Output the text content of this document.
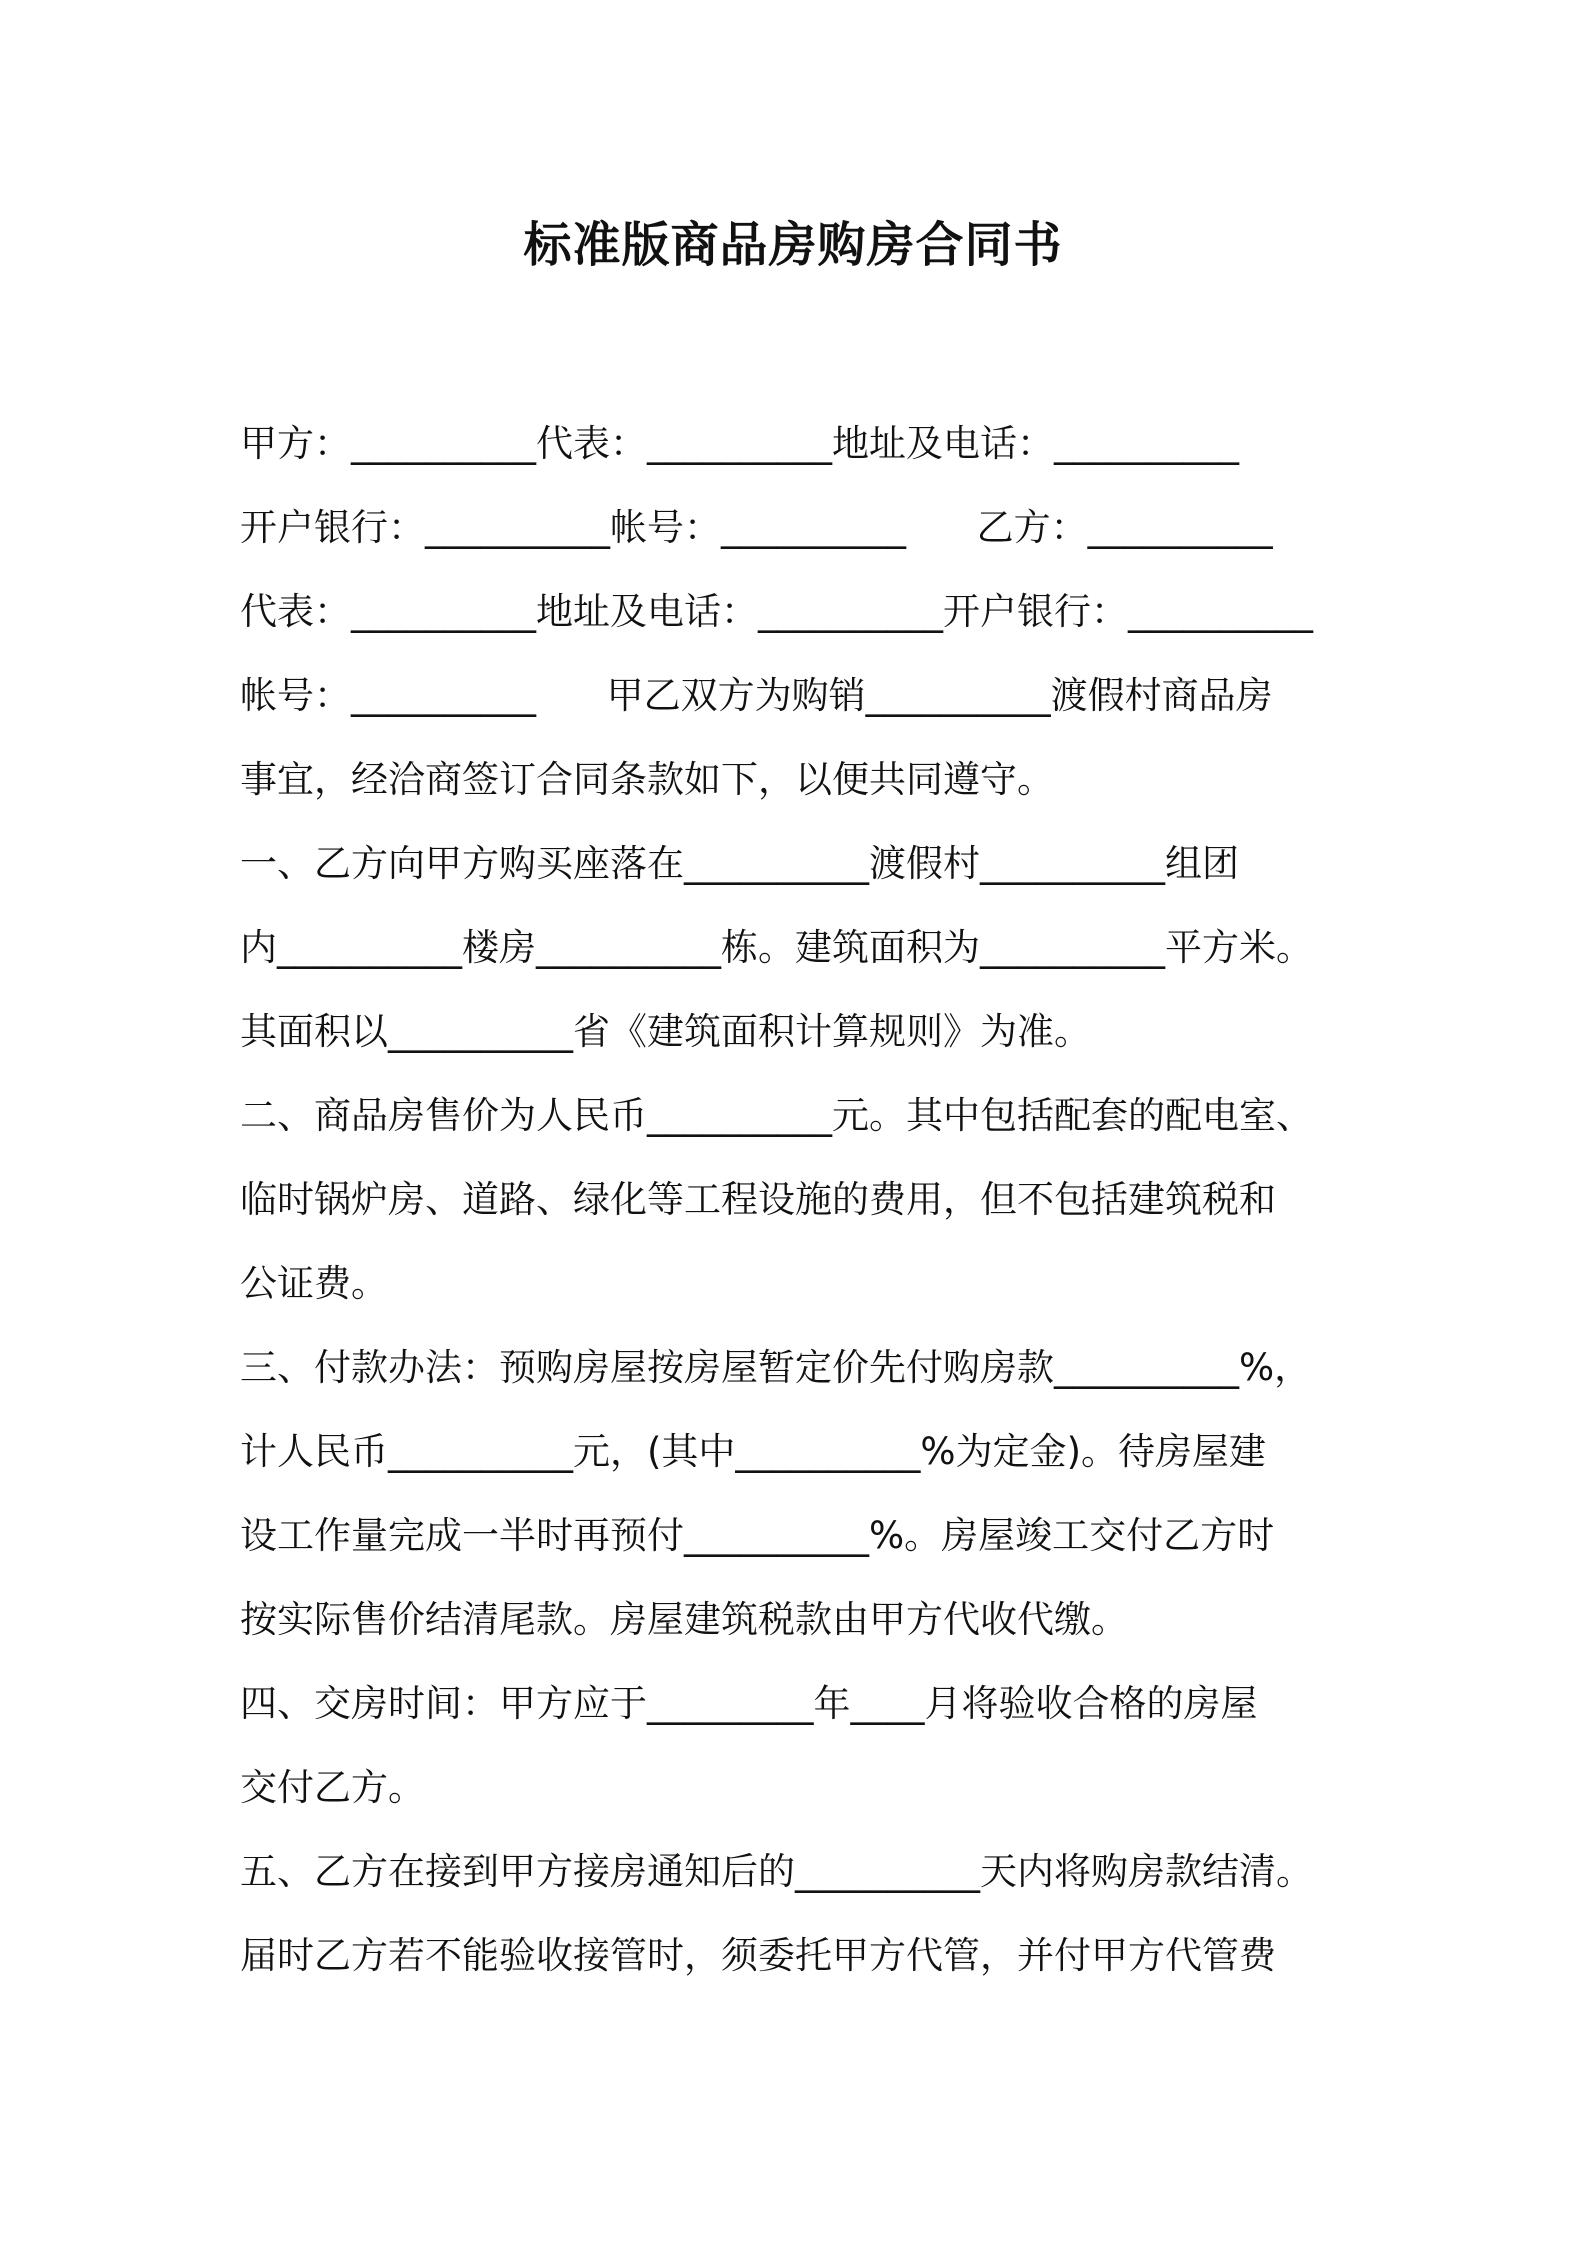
标准版商品房购房合同书
甲方：__________代表：__________地址及电话：__________
开户银行：__________帐号：__________      乙方：__________
代表：__________地址及电话：__________开户银行：__________
帐号：__________      甲乙双方为购销__________渡假村商品房
事宜，经洽商签订合同条款如下，以便共同遵守。
一、乙方向甲方购买座落在__________渡假村__________组团
内__________楼房__________栋。建筑面积为__________平方米。
其面积以__________省《建筑面积计算规则》为准。
二、商品房售价为人民币__________元。其中包括配套的配电室、
临时锅炉房、道路、绿化等工程设施的费用，但不包括建筑税和
公证费。
三、付款办法：预购房屋按房屋暂定价先付购房款__________%，
计人民币__________元，(其中__________%为定金)。待房屋建
设工作量完成一半时再预付__________%。房屋竣工交付乙方时
按实际售价结清尾款。房屋建筑税款由甲方代收代缴。
四、交房时间：甲方应于_________年____月将验收合格的房屋
交付乙方。
五、乙方在接到甲方接房通知后的__________天内将购房款结清。
届时乙方若不能验收接管时，须委托甲方代管，并付甲方代管费
